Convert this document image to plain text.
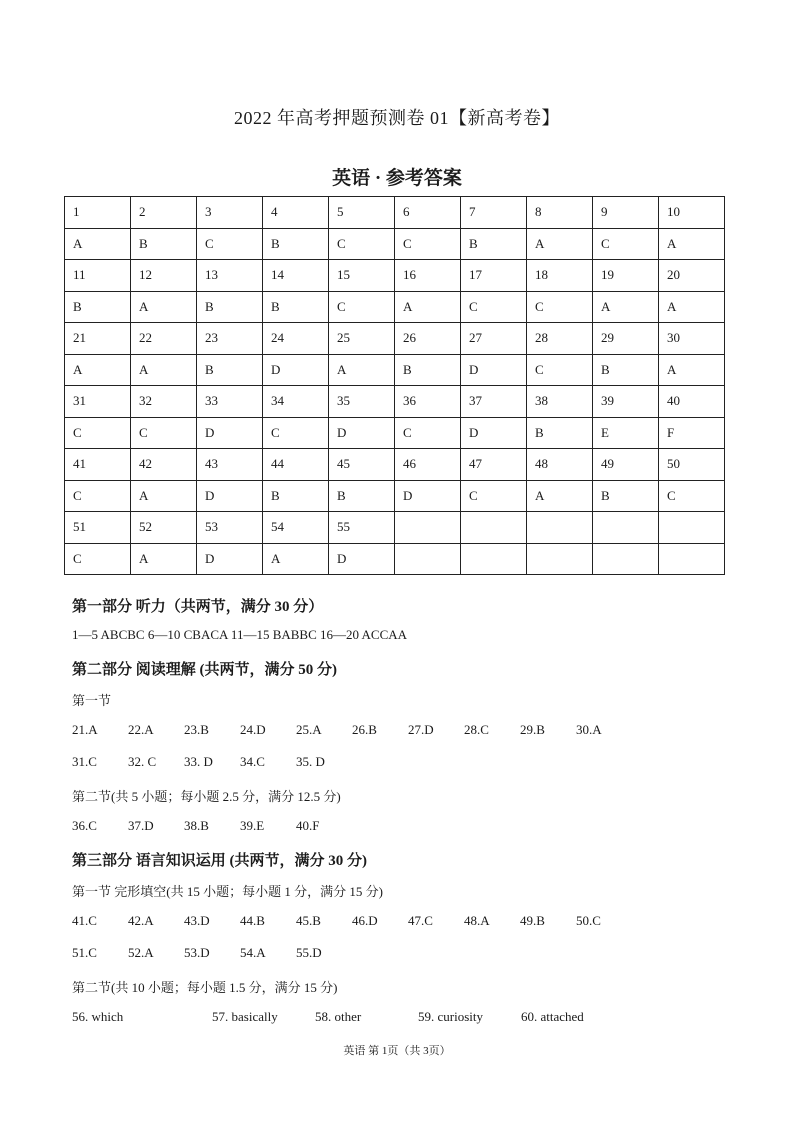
2022 年高考押题预测卷 01【新高考卷】
英语 · 参考答案
1	2	3	4	5	6	7	8	9	10
A	B	C	B	C	C	B	A	C	A
11	12	13	14	15	16	17	18	19	20
B	A	B	B	C	A	C	C	A	A
21	22	23	24	25	26	27	28	29	30
A	A	B	D	A	B	D	C	B	A
31	32	33	34	35	36	37	38	39	40
C	C	D	C	D	C	D	B	E	F
41	42	43	44	45	46	47	48	49	50
C	A	D	B	B	D	C	A	B	C
51	52	53	54	55					
C	A	D	A	D					
第一部分 听力（共两节，满分 30 分）
1—5 ABCBC 6—10 CBACA 11—15 BABBC 16—20 ACCAA
第二部分 阅读理解 (共两节，满分 50 分)
第一节
21.A 22.A 23.B 24.D 25.A 26.B 27.D 28.C 29.B 30.A
31.C 32. C 33. D 34.C 35. D
第二节(共 5 小题；每小题 2.5 分，满分 12.5 分)
36.C 37.D 38.B 39.E 40.F
第三部分 语言知识运用 (共两节，满分 30 分)
第一节 完形填空(共 15 小题；每小题 1 分，满分 15 分)
41.C 42.A 43.D 44.B 45.B 46.D 47.C 48.A 49.B 50.C
51.C 52.A 53.D 54.A 55.D
第二节(共 10 小题；每小题 1.5 分，满分 15 分)
56. which	57. basically	58. other	59. curiosity	60. attached
英语 第 1页（共 3页）
